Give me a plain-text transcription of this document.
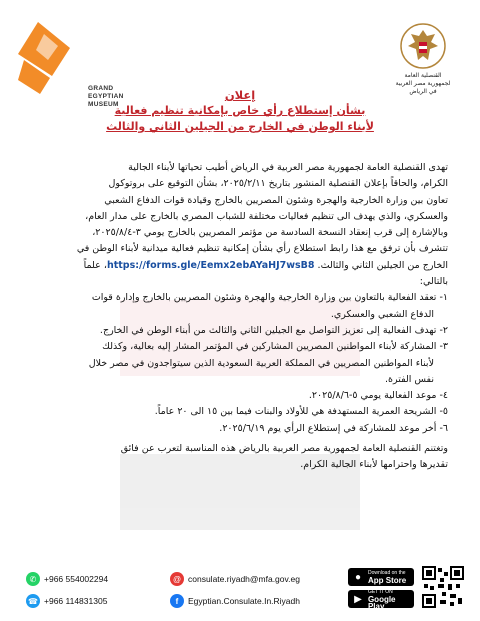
GRAND
EGYPTIAN
MUSEUM
القنصلية العامة
لجمهورية مصر العربية
في الرياض
إعلان
بشأن إستطلاع رأي خاص بإمكانية تنظيم فعالية
لأبناء الوطن في الخارج من الجيلين الثاني والثالث

تهدى القنصلية العامة لجمهورية مصر العربية في الرياض أطيب تحياتها لأبناء الجالية

الكرام، والحاقاً بإعلان القنصلية المنشور بتاريخ ٢٠٢٥/٢/١١، بشأن التوقيع على بروتوكول

تعاون بين وزارة الخارجية والهجرة وشئون المصريين بالخارج وقيادة قوات الدفاع الشعبي

والعسكري، والذي يهدف الى تنظيم فعاليات مختلفة للشباب المصري بالخارج على مدار العام،

وبالإشارة إلى قرب إنعقاد النسخة السادسة من مؤتمر المصريين بالخارج يومي ٣-٢٠٢٥/٨/٤،

تتشرف بأن ترفق مع هذا رابط استطلاع رأي بشأن إمكانية تنظيم فعالية ميدانية لأبناء الوطن في

الخارج من الجيلين الثاني والثالث. https://forms.gle/Eemx2ebAYaHJ7wsB8، علماً

بالتالي:

١- تعقد الفعالية بالتعاون بين وزارة الخارجية والهجرة وشئون المصريين بالخارج وإدارة قوات
الدفاع الشعبي والعسكري.
٢- تهدف الفعالية إلى تعزيز التواصل مع الجيلين الثاني والثالث من أبناء الوطن في الخارج.
٣- المشاركة لأبناء المواطنين المصريين المشاركين في المؤتمر المشار إليه بعالية، وكذلك
لأبناء المواطنين المصريين في المملكة العربية السعودية الذين سيتواجدون في مصر خلال
نفس الفترة.
٤- موعد الفعالية يومي ٥-٢٠٢٥/٨/٦.
٥- الشريحة العمرية المستهدفة هي للأولاد والبنات فيما بين ١٥ الى ٢٠ عاماً.
٦- أخر موعد للمشاركة في إستطلاع الرأي يوم ٢٠٢٥/٦/١٩.

وتغتنم القنصلية العامة لجمهورية مصر العربية بالرياض هذه المناسبة لتعرب عن فائق

تقديرها واحترامها لأبناء الجالية الكرام.

✆ +966 554002294
☎ +966 114831305
@ consulate.riyadh@mfa.gov.eg
f	Egyptian.Consulate.In.Riyadh
●	Download on the
App Store
▶
GET IT ON
Google Play
